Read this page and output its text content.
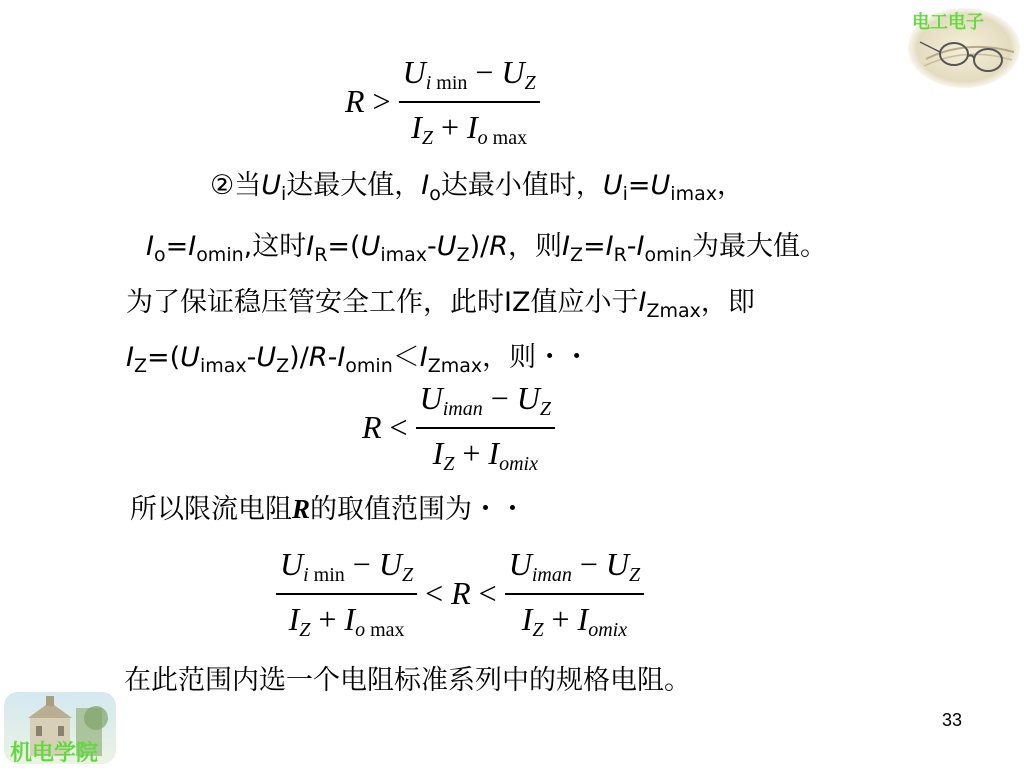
电工电子
$R > \frac{U_{i min} - U_Z}{I_Z + I_{o max}}$
②当$U_i$达最大值，$I_o$达最小值时，$U_i=U_{imax}$，
$I_o=I_{omin}$,这时$I_R=(U_{imax}-U_Z)/R$，则$I_Z=I_R-I_{omin}$为最大值。
为了保证稳压管安全工作，此时IZ值应小于$I_{Zmax}$，即
$I_Z=(U_{imax}-U_Z)/R-I_{omin}<I_{Zmax}$，则・・
$R < \frac{U_{iman} - U_Z}{I_Z + I_{omix}}$
所以限流电阻R的取值范围为・・
$\frac{U_{i min} - U_Z}{I_Z + I_{o max}} < R < \frac{U_{iman} - U_Z}{I_Z + I_{omix}}$
在此范围内选一个电阻标准系列中的规格电阻。
机电学院
33
